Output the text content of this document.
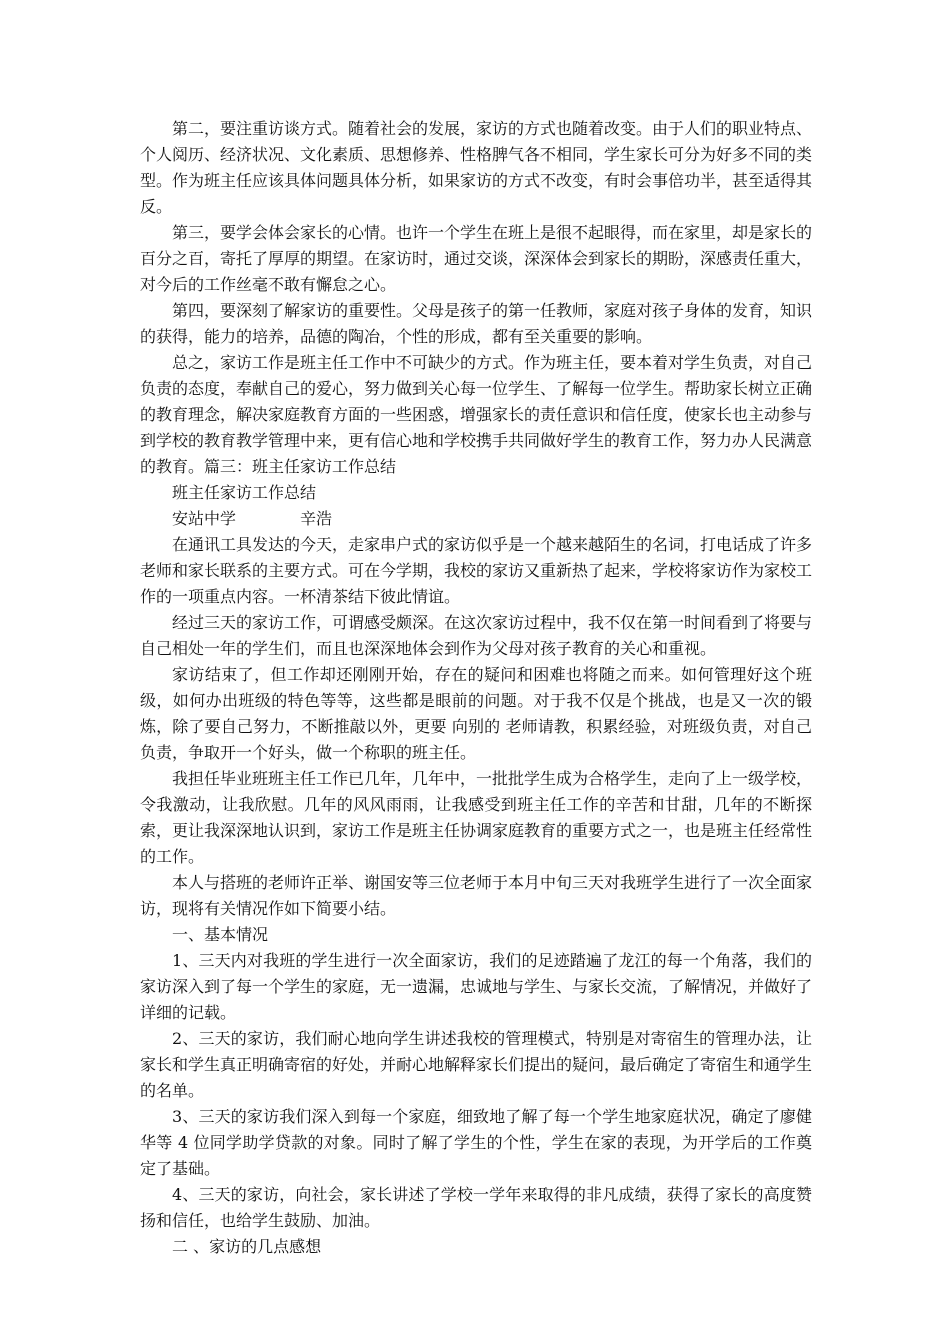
第二，要注重访谈方式。随着社会的发展，家访的方式也随着改变。由于人们的职业特点、个人阅历、经济状况、文化素质、思想修养、性格脾气各不相同，学生家长可分为好多不同的类型。作为班主任应该具体问题具体分析，如果家访的方式不改变，有时会事倍功半，甚至适得其反。

第三，要学会体会家长的心情。也许一个学生在班上是很不起眼得，而在家里，却是家长的百分之百，寄托了厚厚的期望。在家访时，通过交谈，深深体会到家长的期盼，深感责任重大，对今后的工作丝毫不敢有懈怠之心。

第四，要深刻了解家访的重要性。父母是孩子的第一任教师，家庭对孩子身体的发育，知识的获得，能力的培养，品德的陶冶，个性的形成，都有至关重要的影响。

总之，家访工作是班主任工作中不可缺少的方式。作为班主任，要本着对学生负责，对自己负责的态度，奉献自己的爱心，努力做到关心每一位学生、了解每一位学生。帮助家长树立正确的教育理念，解决家庭教育方面的一些困惑，增强家长的责任意识和信任度，使家长也主动参与到学校的教育教学管理中来，更有信心地和学校携手共同做好学生的教育工作，努力办人民满意的教育。篇三：班主任家访工作总结

班主任家访工作总结

安站中学	辛浩

在通讯工具发达的今天，走家串户式的家访似乎是一个越来越陌生的名词，打电话成了许多老师和家长联系的主要方式。可在今学期，我校的家访又重新热了起来，学校将家访作为家校工作的一项重点内容。一杯清茶结下彼此情谊。

经过三天的家访工作，可谓感受颇深。在这次家访过程中，我不仅在第一时间看到了将要与自己相处一年的学生们，而且也深深地体会到作为父母对孩子教育的关心和重视。

家访结束了，但工作却还刚刚开始，存在的疑问和困难也将随之而来。如何管理好这个班级，如何办出班级的特色等等，这些都是眼前的问题。对于我不仅是个挑战，也是又一次的锻炼，除了要自己努力，不断推敲以外，更要 向别的 老师请教，积累经验，对班级负责，对自己负责，争取开一个好头，做一个称职的班主任。

我担任毕业班班主任工作已几年，几年中，一批批学生成为合格学生，走向了上一级学校，令我激动，让我欣慰。几年的风风雨雨，让我感受到班主任工作的辛苦和甘甜，几年的不断探索，更让我深深地认识到，家访工作是班主任协调家庭教育的重要方式之一，也是班主任经常性的工作。

本人与搭班的老师许正举、谢国安等三位老师于本月中旬三天对我班学生进行了一次全面家访，现将有关情况作如下简要小结。

一、基本情况

1、三天内对我班的学生进行一次全面家访，我们的足迹踏遍了龙江的每一个角落，我们的家访深入到了每一个学生的家庭，无一遗漏，忠诚地与学生、与家长交流，了解情况，并做好了详细的记载。

2、三天的家访，我们耐心地向学生讲述我校的管理模式，特别是对寄宿生的管理办法，让家长和学生真正明确寄宿的好处，并耐心地解释家长们提出的疑问，最后确定了寄宿生和通学生的名单。

3、三天的家访我们深入到每一个家庭，细致地了解了每一个学生地家庭状况，确定了廖健华等 4 位同学助学贷款的对象。同时了解了学生的个性，学生在家的表现，为开学后的工作奠定了基础。

4、三天的家访，向社会，家长讲述了学校一学年来取得的非凡成绩，获得了家长的高度赞扬和信任，也给学生鼓励、加油。

二 、家访的几点感想
